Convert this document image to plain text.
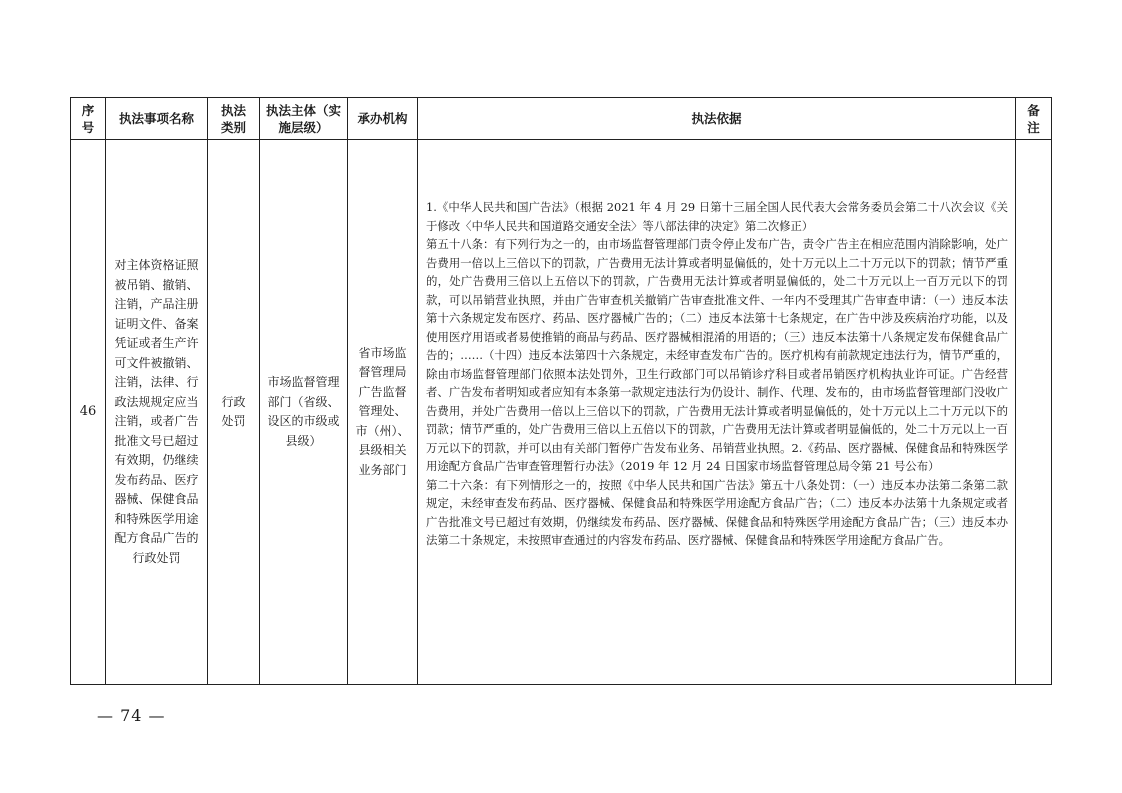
序号	执法事项名称	执法类别	执法主体（实施层级）	承办机构	执法依据	备注

46	对主体资格证照被吊销、撤销、注销，产品注册证明文件、备案凭证或者生产许可文件被撤销、注销，法律、行政法规规定应当注销，或者广告批准文号已超过有效期，仍继续发布药品、医疗器械、保健食品和特殊医学用途配方食品广告的行政处罚	行政处罚	市场监督管理部门（省级、设区的市级或县级）	省市场监督管理局广告监督管理处、市（州）、县级相关业务部门	1.《中华人民共和国广告法》（根据 2021 年 4 月 29 日第十三届全国人民代表大会常务委员会第二十八次会议《关于修改〈中华人民共和国道路交通安全法〉等八部法律的决定》第二次修正）

第五十八条：有下列行为之一的，由市场监督管理部门责令停止发布广告，责令广告主在相应范围内消除影响，处广告费用一倍以上三倍以下的罚款，广告费用无法计算或者明显偏低的，处十万元以上二十万元以下的罚款；情节严重的，处广告费用三倍以上五倍以下的罚款，广告费用无法计算或者明显偏低的，处二十万元以上一百万元以下的罚款，可以吊销营业执照，并由广告审查机关撤销广告审查批准文件、一年内不受理其广告审查申请：（一）违反本法第十六条规定发布医疗、药品、医疗器械广告的；（二）违反本法第十七条规定，在广告中涉及疾病治疗功能，以及使用医疗用语或者易使推销的商品与药品、医疗器械相混淆的用语的；（三）违反本法第十八条规定发布保健食品广告的；……（十四）违反本法第四十六条规定，未经审查发布广告的。医疗机构有前款规定违法行为，情节严重的，除由市场监督管理部门依照本法处罚外，卫生行政部门可以吊销诊疗科目或者吊销医疗机构执业许可证。广告经营者、广告发布者明知或者应知有本条第一款规定违法行为仍设计、制作、代理、发布的，由市场监督管理部门没收广告费用，并处广告费用一倍以上三倍以下的罚款，广告费用无法计算或者明显偏低的，处十万元以上二十万元以下的罚款；情节严重的，处广告费用三倍以上五倍以下的罚款，广告费用无法计算或者明显偏低的，处二十万元以上一百万元以下的罚款，并可以由有关部门暂停广告发布业务、吊销营业执照。2.《药品、医疗器械、保健食品和特殊医学用途配方食品广告审查管理暂行办法》（2019 年 12 月 24 日国家市场监督管理总局令第 21 号公布）

第二十六条：有下列情形之一的，按照《中华人民共和国广告法》第五十八条处罚：（一）违反本办法第二条第二款规定，未经审查发布药品、医疗器械、保健食品和特殊医学用途配方食品广告；（二）违反本办法第十九条规定或者广告批准文号已超过有效期，仍继续发布药品、医疗器械、保健食品和特殊医学用途配方食品广告；（三）违反本办法第二十条规定，未按照审查通过的内容发布药品、医疗器械、保健食品和特殊医学用途配方食品广告。	

— 74 —
